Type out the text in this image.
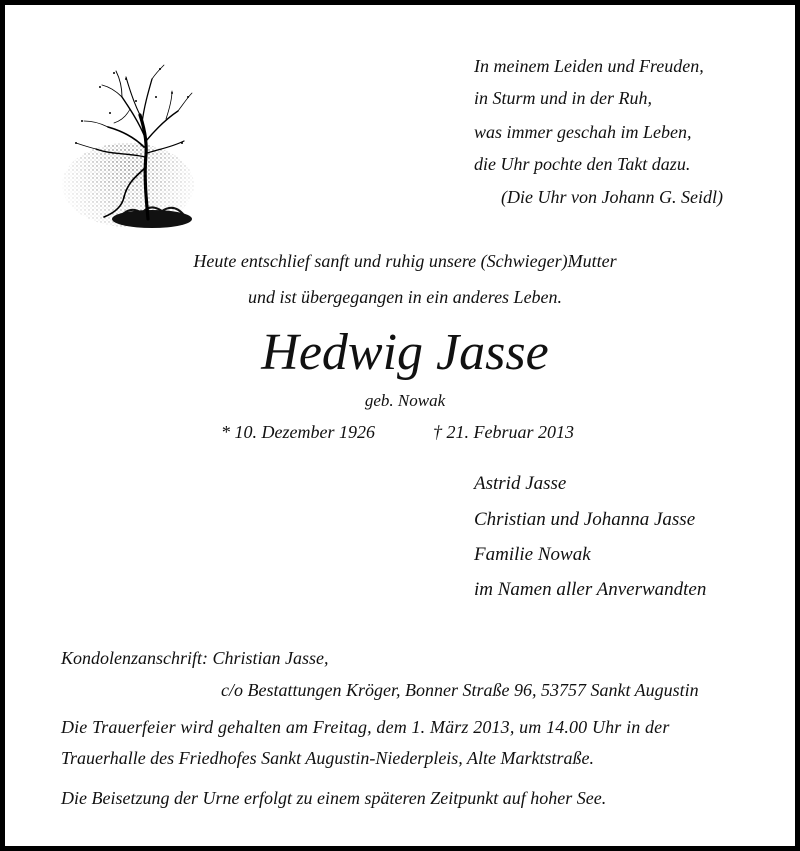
In meinem Leiden und Freuden,
in Sturm und in der Ruh,
was immer geschah im Leben,
die Uhr pochte den Takt dazu.
(Die Uhr von Johann G. Seidl)
Heute entschlief sanft und ruhig unsere (Schwieger)Mutter
und ist übergegangen in ein anderes Leben.
Hedwig Jasse
geb. Nowak
* 10. Dezember 1926	† 21. Februar 2013
Astrid Jasse
Christian und Johanna Jasse
Familie Nowak
im Namen aller Anverwandten
Kondolenzanschrift: Christian Jasse,
c/o Bestattungen Kröger, Bonner Straße 96, 53757 Sankt Augustin
Die Trauerfeier wird gehalten am Freitag, dem 1. März 2013, um 14.00 Uhr in der
Trauerhalle des Friedhofes Sankt Augustin-Niederpleis, Alte Marktstraße.
Die Beisetzung der Urne erfolgt zu einem späteren Zeitpunkt auf hoher See.
